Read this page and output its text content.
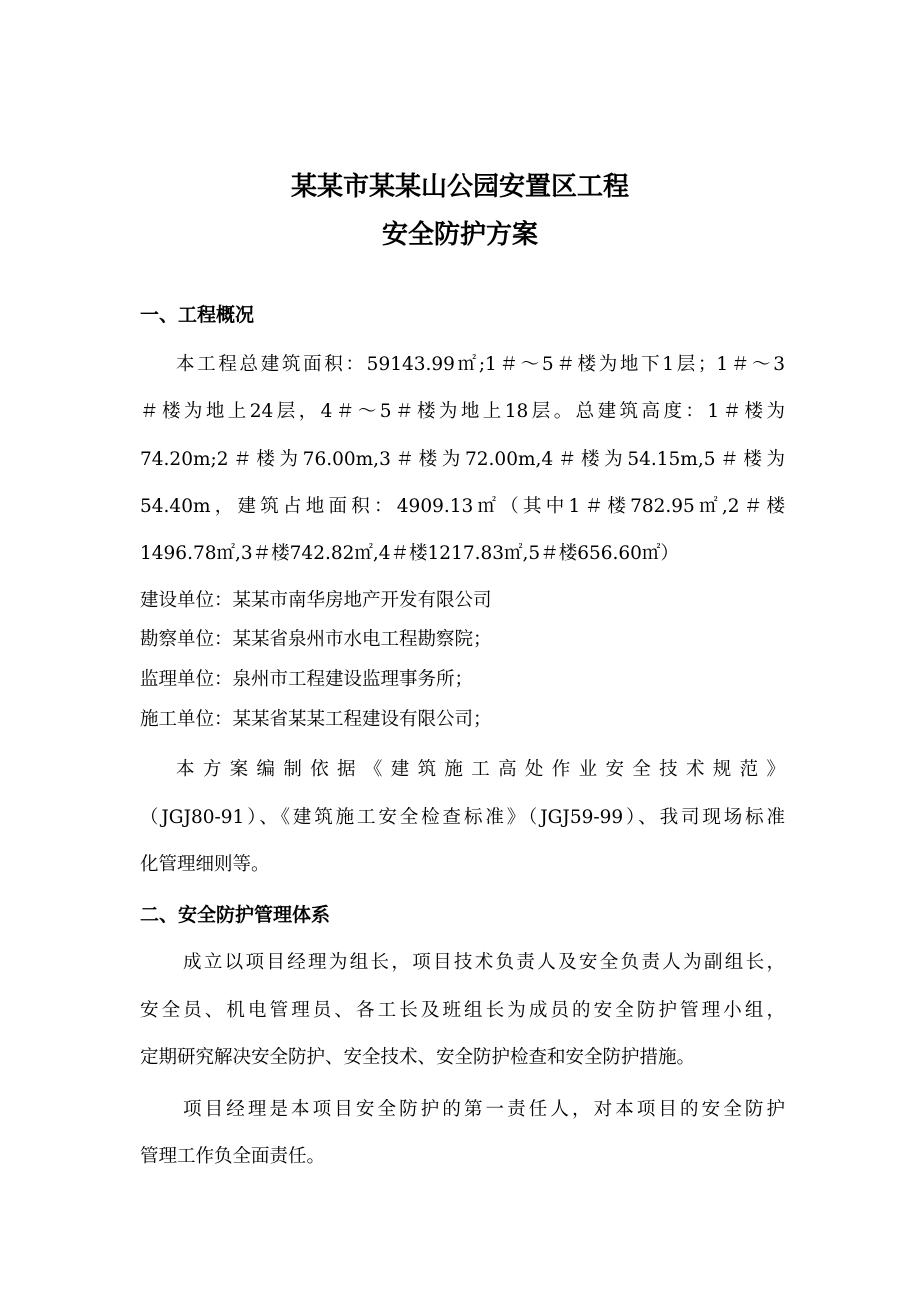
某某市某某山公园安置区工程
安全防护方案
一、工程概况
本工程总建筑面积：59143.99㎡;1＃～5＃楼为地下1层；1＃～3
＃楼为地上24层，4＃～5＃楼为地上18层。总建筑高度：1＃楼为
74.20m;2＃楼为76.00m,3＃楼为72.00m,4＃楼为54.15m,5＃楼为
54.40m，建筑占地面积：4909.13㎡（其中1＃楼782.95㎡,2＃楼
1496.78㎡,3＃楼742.82㎡,4＃楼1217.83㎡,5＃楼656.60㎡）
建设单位：某某市南华房地产开发有限公司
勘察单位：某某省泉州市水电工程勘察院；
监理单位：泉州市工程建设监理事务所；
施工单位：某某省某某工程建设有限公司；
本方案编制依据《建筑施工高处作业安全技术规范》
（JGJ80-91）、《建筑施工安全检查标准》（JGJ59-99）、我司现场标准
化管理细则等。
二、安全防护管理体系
成立以项目经理为组长，项目技术负责人及安全负责人为副组长，
安全员、机电管理员、各工长及班组长为成员的安全防护管理小组，
定期研究解决安全防护、安全技术、安全防护检查和安全防护措施。
项目经理是本项目安全防护的第一责任人，对本项目的安全防护
管理工作负全面责任。
